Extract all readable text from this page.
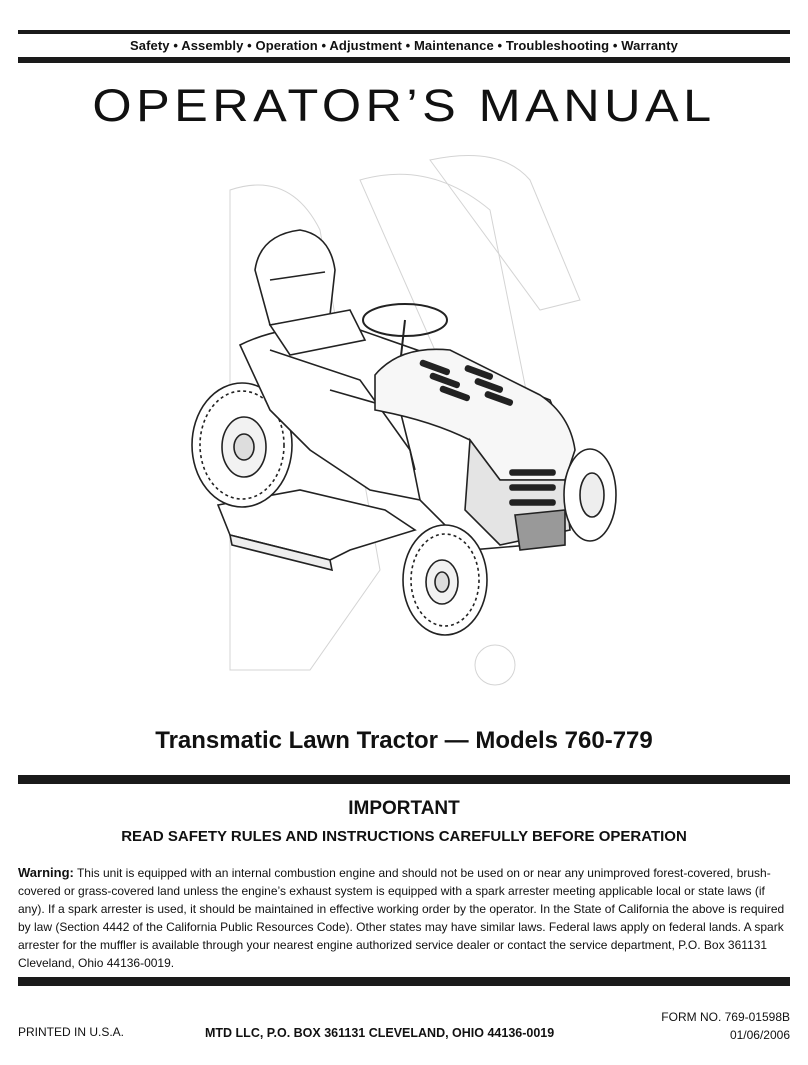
Safety • Assembly • Operation • Adjustment • Maintenance • Troubleshooting • Warranty
OPERATOR’S MANUAL
Transmatic Lawn Tractor — Models 760-779
IMPORTANT
READ SAFETY RULES AND INSTRUCTIONS CAREFULLY BEFORE OPERATION
Warning: This unit is equipped with an internal combustion engine and should not be used on or near any unimproved forest-covered, brush-covered or grass-covered land unless the engine’s exhaust system is equipped with a spark arrester meeting applicable local or state laws (if any). If a spark arrester is used, it should be maintained in effective working order by the operator. In the State of California the above is required by law (Section 4442 of the California Public Resources Code). Other states may have similar laws. Federal laws apply on federal lands. A spark arrester for the muffler is available through your nearest engine authorized service dealer or contact the service department, P.O. Box 361131 Cleveland, Ohio 44136-0019.
PRINTED IN U.S.A.	MTD LLC, P.O. BOX 361131 CLEVELAND, OHIO 44136-0019
FORM NO. 769-01598B
01/06/2006
